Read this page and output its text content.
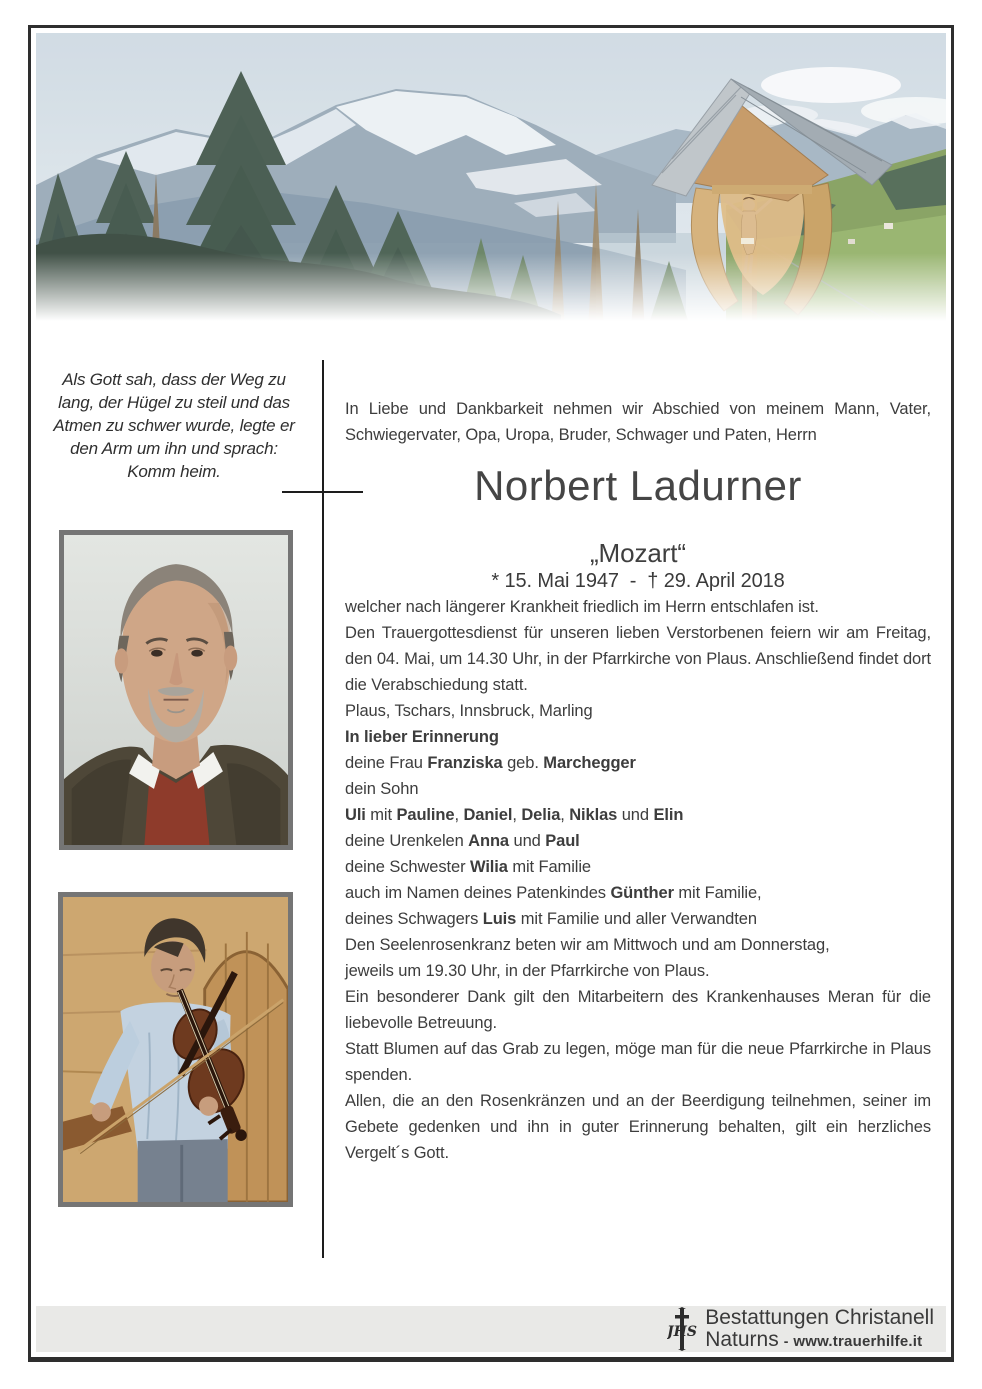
Als Gott sah, dass der Weg zu
lang, der Hügel zu steil und das
Atmen zu schwer wurde, legte er
den Arm um ihn und sprach:
Komm heim.

In Liebe und Dankbarkeit nehmen wir Abschied von meinem Mann, Vater, Schwiegervater, Opa, Uropa, Bruder, Schwager und Paten, Herrn

Norbert Ladurner

„Mozart“

* 15. Mai 1947  -  † 29. April 2018

welcher nach längerer Krankheit friedlich im Herrn entschlafen ist.

Den Trauergottesdienst für unseren lieben Verstorbenen feiern wir am Freitag, den 04. Mai, um 14.30 Uhr, in der Pfarrkirche von Plaus. Anschließend findet dort die Verabschiedung statt.

Plaus, Tschars, Innsbruck, Marling

In lieber Erinnerung

deine Frau Franziska geb. Marchegger

dein Sohn
Uli mit Pauline, Daniel, Delia, Niklas und Elin

deine Urenkelen Anna und Paul

deine Schwester Wilia mit Familie

auch im Namen deines Patenkindes Günther mit Familie,
deines Schwagers Luis mit Familie und aller Verwandten

Den Seelenrosenkranz beten wir am Mittwoch und am Donnerstag,
jeweils um 19.30 Uhr, in der Pfarrkirche von Plaus.

Ein besonderer Dank gilt den Mitarbeitern des Krankenhauses Meran für die liebevolle Betreuung.

Statt Blumen auf das Grab zu legen, möge man für die neue Pfarrkirche in Plaus spenden.

Allen, die an den Rosenkränzen und an der Beerdigung teilnehmen, seiner im Gebete gedenken und ihn in guter Erinnerung behalten, gilt ein herzliches Vergelt´s Gott.

JHS
Bestattungen Christanell
Naturns - www.trauerhilfe.it
